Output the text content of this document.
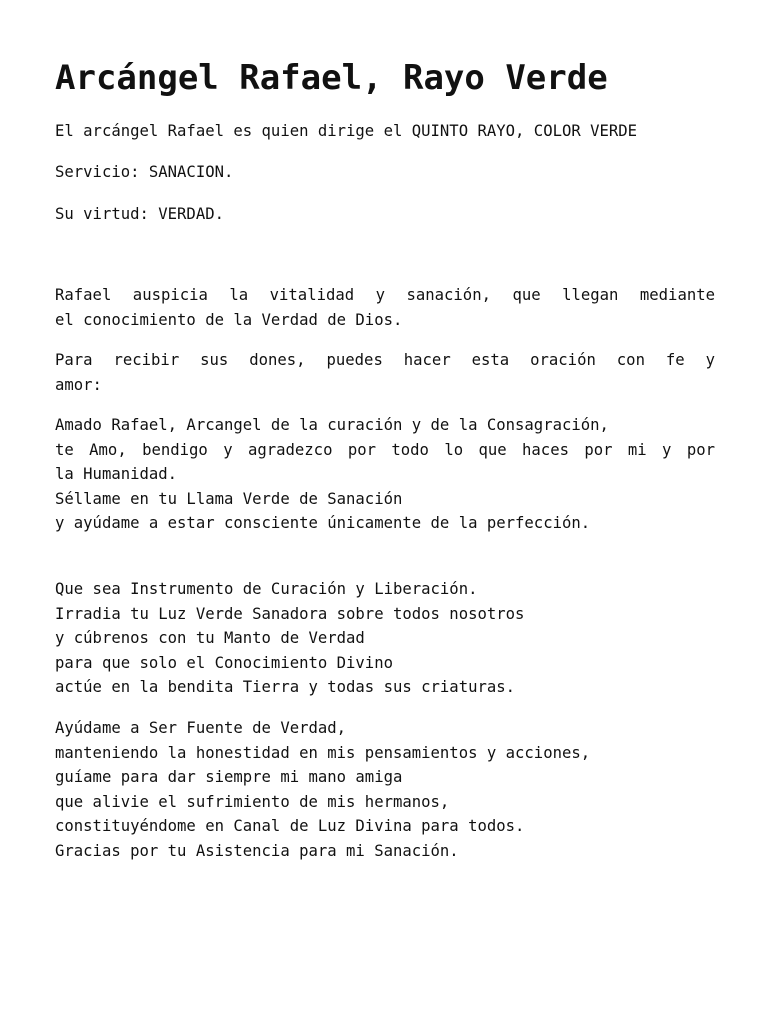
Arcángel Rafael, Rayo Verde
El arcángel Rafael es quien dirige el QUINTO RAYO, COLOR VERDE
Servicio: SANACION.
Su virtud: VERDAD.
Rafael auspicia la vitalidad y sanación, que llegan mediante
el conocimiento de la Verdad de Dios.
Para recibir sus dones, puedes hacer esta oración con fe y
amor:
Amado Rafael, Arcangel de la curación y de la Consagración,
te Amo, bendigo y agradezco por todo lo que haces por mi y por
la Humanidad.
Séllame en tu Llama Verde de Sanación
y ayúdame a estar consciente únicamente de la perfección.
Que sea Instrumento de Curación y Liberación.
Irradia tu Luz Verde Sanadora sobre todos nosotros
y cúbrenos con tu Manto de Verdad
para que solo el Conocimiento Divino
actúe en la bendita Tierra y todas sus criaturas.
Ayúdame a Ser Fuente de Verdad,
manteniendo la honestidad en mis pensamientos y acciones,
guíame para dar siempre mi mano amiga
que alivie el sufrimiento de mis hermanos,
constituyéndome en Canal de Luz Divina para todos.
Gracias por tu Asistencia para mi Sanación.
